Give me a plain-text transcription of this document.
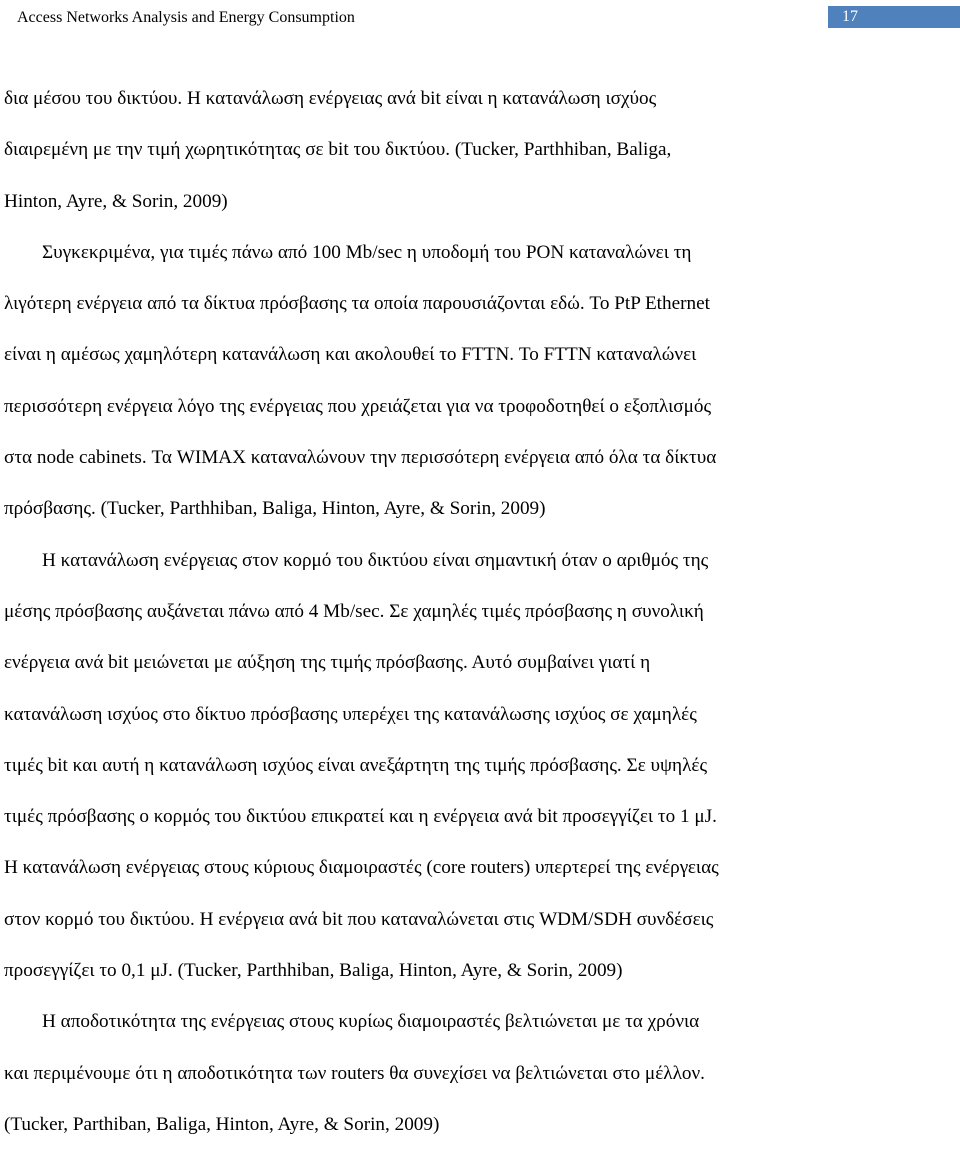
Access Networks Analysis and Energy Consumption	17
δια μέσου του δικτύου. Η κατανάλωση ενέργειας ανά bit είναι η κατανάλωση ισχύος
διαιρεμένη με την τιμή χωρητικότητας σε bit του δικτύου. (Tucker, Parthhiban, Baliga,
Hinton, Ayre, & Sorin, 2009)
Συγκεκριμένα, για τιμές πάνω από 100 Mb/sec η υποδομή του PON καταναλώνει τη
λιγότερη ενέργεια από τα δίκτυα πρόσβασης τα οποία παρουσιάζονται εδώ. To PtP Ethernet
είναι η αμέσως χαμηλότερη κατανάλωση και ακολουθεί το FTTN. Το FTTN καταναλώνει
περισσότερη ενέργεια λόγο της ενέργειας που χρειάζεται για να τροφοδοτηθεί ο εξοπλισμός
στα node cabinets. Τα WIMAX καταναλώνουν την περισσότερη ενέργεια από όλα τα δίκτυα
πρόσβασης. (Tucker, Parthhiban, Baliga, Hinton, Ayre, & Sorin, 2009)
Η κατανάλωση ενέργειας στον κορμό του δικτύου είναι σημαντική όταν ο αριθμός της
μέσης πρόσβασης αυξάνεται πάνω από 4 Mb/sec. Σε χαμηλές τιμές πρόσβασης η συνολική
ενέργεια ανά bit μειώνεται με αύξηση της τιμής πρόσβασης. Αυτό συμβαίνει γιατί η
κατανάλωση ισχύος στο δίκτυο πρόσβασης υπερέχει της κατανάλωσης ισχύος σε χαμηλές
τιμές bit και αυτή η κατανάλωση ισχύος είναι ανεξάρτητη της τιμής πρόσβασης. Σε υψηλές
τιμές πρόσβασης ο κορμός του δικτύου επικρατεί και η ενέργεια ανά bit προσεγγίζει το 1 μJ.
Η κατανάλωση ενέργειας στους κύριους διαμοιραστές (core routers) υπερτερεί της ενέργειας
στον κορμό του δικτύου. Η ενέργεια ανά bit που καταναλώνεται στις WDM/SDH συνδέσεις
προσεγγίζει το 0,1 μJ. (Tucker, Parthhiban, Baliga, Hinton, Ayre, & Sorin, 2009)
Η αποδοτικότητα της ενέργειας στους κυρίως διαμοιραστές βελτιώνεται με τα χρόνια
και περιμένουμε ότι η αποδοτικότητα των routers θα συνεχίσει να βελτιώνεται στο μέλλον.
(Tucker, Parthiban, Baliga, Hinton, Ayre, & Sorin, 2009)
